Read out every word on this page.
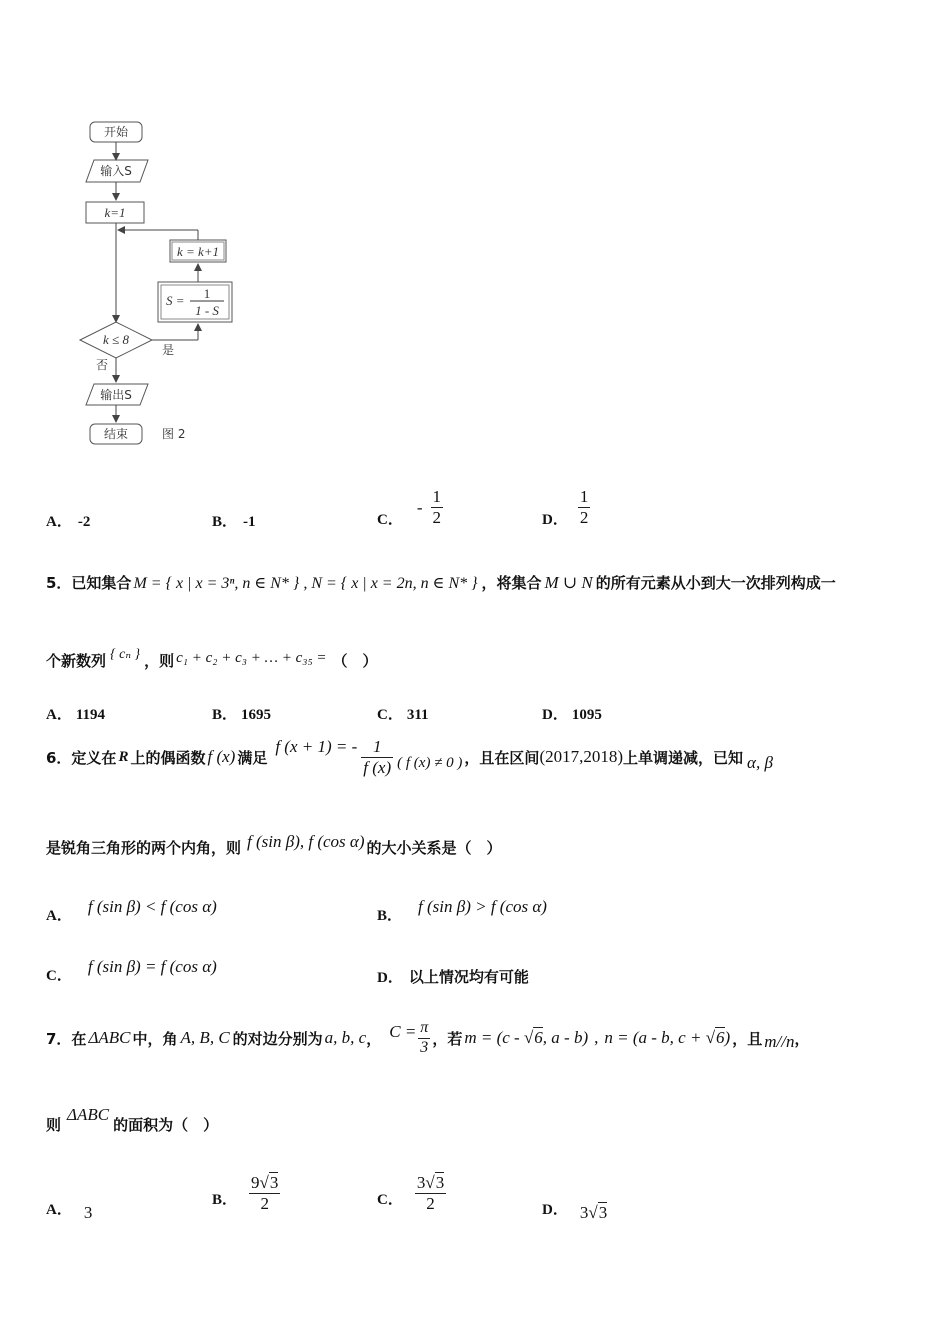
开始
输入S
k=1
k ≤ 8
是
S = 1
1 - S
k = k+1
否
输出S
结束	图 2
A． -2	B． -1	C．
- $\frac{1}{2}$	D． $\frac{1}{2}$
5．已知集合 M = { x | x = 3ⁿ, n ∈ N* } , N = { x | x = 2n, n ∈ N* } ，将集合 M ∪ N 的所有元素从小到大一次排列构成一
个新数列 { cₙ } ，则 c₁ + c₂ + c₃ + … + c₃₅ = （　）
A． 1194	B． 1695	C． 311	D． 1095
6．定义在 R 上的偶函数 f (x) 满足
f (x + 1) = - $\frac{1}{f (x)}$ ( f (x) ≠ 0 ) ，且在区间 (2017,2018) 上单调递减，已知 α, β
是锐角三角形的两个内角，则 f (sin β), f (cos α) 的大小关系是（　）
A． f (sin β) < f (cos α)	B． f (sin β) > f (cos α)
C． f (sin β) = f (cos α)
D． 以上情况均有可能
7．在 ΔABC 中，角 A, B, C 的对边分别为 a, b, c ， $C = \frac{\pi}{3}$ ，若 m = (c - √6, a - b) , n = (a - b, c + √6) ，且 m//n ，
则
ΔABC
的面积为（　）
A． 3
B． $\frac{9√3}{2}$	C． $\frac{3√3}{2}$	D． 3√3
